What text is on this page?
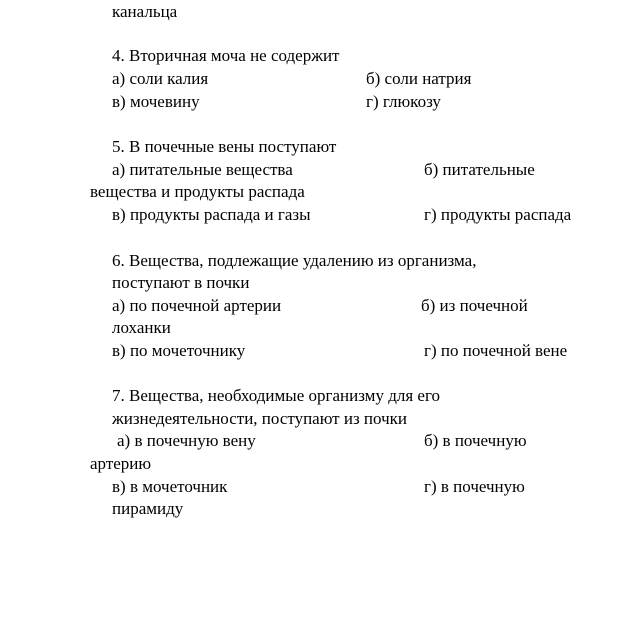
канальца
4. Вторичная моча не содержит
а) соли калия	б) соли натрия
в) мочевину	г) глюкозу
5. В почечные вены поступают
а) питательные вещества	б) питательные
вещества и продукты распада
в) продукты распада и газы	г) продукты распада
6. Вещества, подлежащие удалению из организма,
поступают в почки
а) по почечной артерии	б) из почечной
лоханки
в) по мочеточнику	г) по почечной вене
7. Вещества, необходимые организму для его
жизнедеятельности, поступают из почки
а) в почечную вену	б) в почечную
артерию
в) в мочеточник	г) в почечную
пирамиду
